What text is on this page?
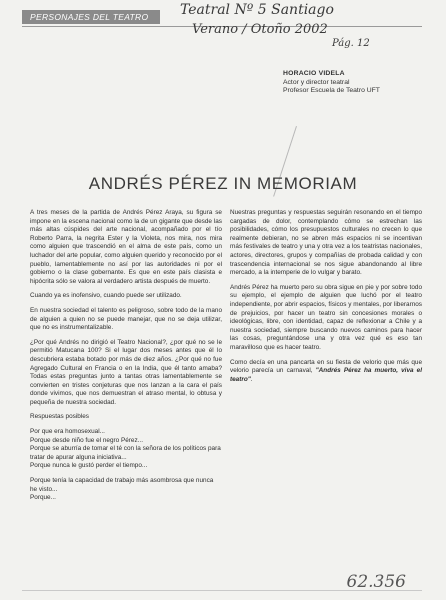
PERSONAJES DEL TEATRO	Teatral Nº 5 Santiago
Verano / Otoño 2002
Pág. 12
HORACIO VIDELA
Actor y director teatral
Profesor Escuela de Teatro UFT
ANDRÉS PÉREZ IN MEMORIAM

A tres meses de la partida de Andrés Pérez Araya, su figura se impone en la escena nacional como la de un gigante que desde las más altas cúspides del arte nacional, acompañado por el tío Roberto Parra, la negrita Ester y la Violeta, nos mira, nos mira como alguien que trascendió en el alma de este país, como un luchador del arte popular, como alguien querido y reconocido por el pueblo, lamentablemente no así por las autoridades ni por el gobierno o la clase gobernante. Es que en este país clasista e hipócrita sólo se valora al verdadero artista después de muerto.

Cuando ya es inofensivo, cuando puede ser utilizado.

En nuestra sociedad el talento es peligroso, sobre todo de la mano de alguien a quien no se puede manejar, que no se deja utilizar, que no es instrumentalizable.

¿Por qué Andrés no dirigió el Teatro Nacional?, ¿por qué no se le permitió Matucana 100? Si el lugar dos meses antes que él lo descubriera estaba botado por más de diez años. ¿Por qué no fue Agregado Cultural en Francia o en la India, que él tanto amaba? Todas estas preguntas junto a tantas otras lamentablemente se convierten en tristes conjeturas que nos lanzan a la cara el país donde vivimos, que nos demuestran el atraso mental, lo obtusa y pequeña de nuestra sociedad.

Respuestas posibles

Por que era homosexual...

Porque desde niño fue el negro Pérez...

Porque se aburría de tomar el té con la señora de los políticos para tratar de apurar alguna iniciativa...

Porque nunca le gustó perder el tiempo...

Porque tenía la capacidad de trabajo más asombrosa que nunca he visto...

Porque...

Nuestras preguntas y respuestas seguirán resonando en el tiempo cargadas de dolor, contemplando cómo se estrechan las posibilidades, cómo los presupuestos culturales no crecen lo que realmente debieran, no se abren más espacios ni se incentivan más festivales de teatro y una y otra vez a los teatristas nacionales, actores, directores, grupos y compañías de probada calidad y con trascendencia internacional se nos sigue abandonando al libre mercado, a la intemperie de lo vulgar y barato.

Andrés Pérez ha muerto pero su obra sigue en pie y por sobre todo su ejemplo, el ejemplo de alguien que luchó por el teatro independiente, por abrir espacios, físicos y mentales, por liberarnos de prejuicios, por hacer un teatro sin concesiones morales o ideológicas, libre, con identidad, capaz de reflexionar a Chile y a nuestra sociedad, siempre buscando nuevos caminos para hacer las cosas, preguntándose una y otra vez qué es eso tan maravilloso que es hacer teatro.

Como decía en una pancarta en su fiesta de velorio que más que velorio parecía un carnaval, "Andrés Pérez ha muerto, viva el teatro".

62.356
